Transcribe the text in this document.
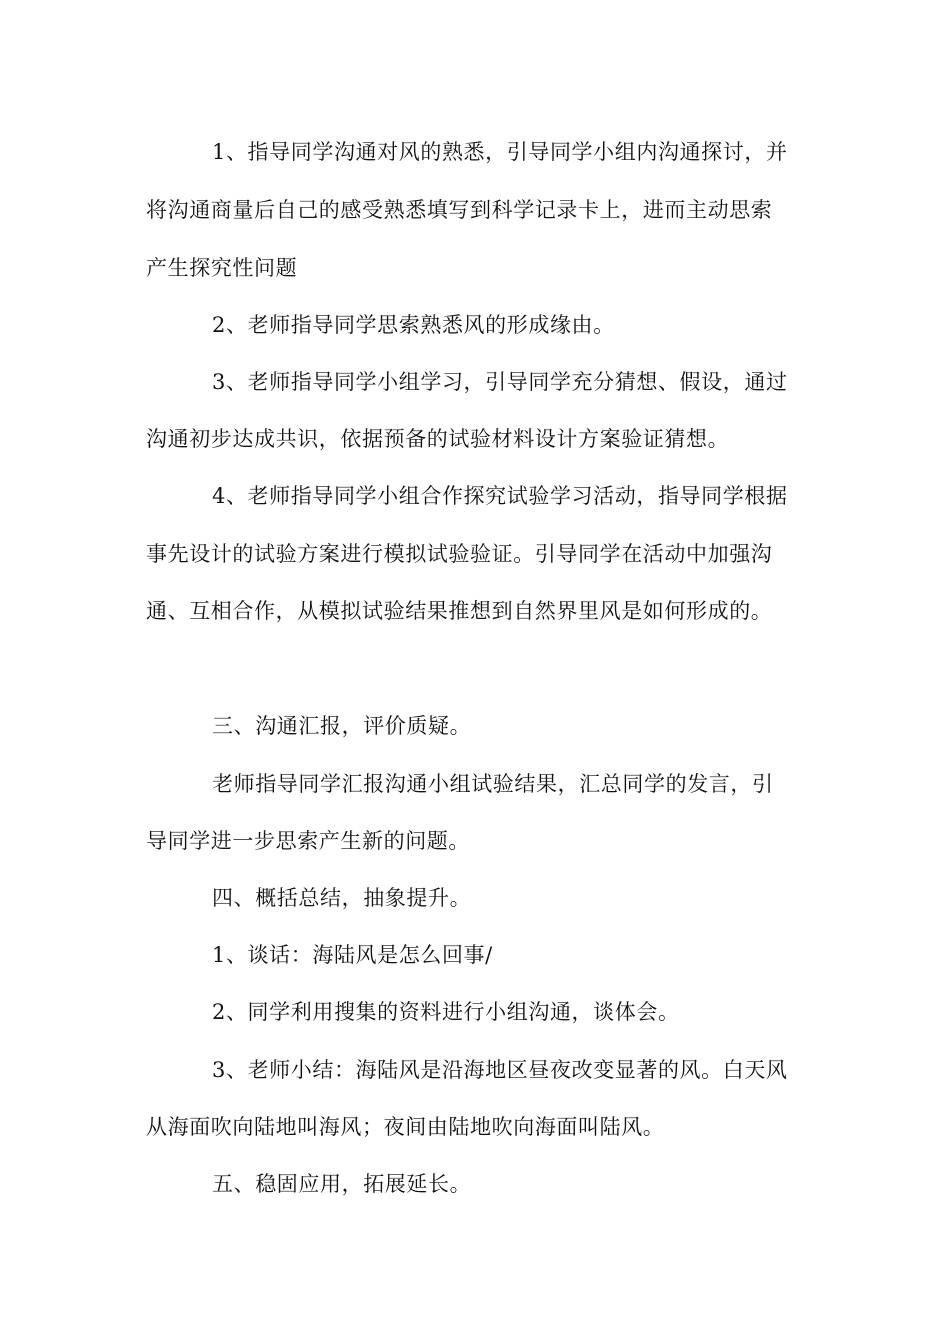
1、指导同学沟通对风的熟悉，引导同学小组内沟通探讨，并
将沟通商量后自己的感受熟悉填写到科学记录卡上，进而主动思索
产生探究性问题
2、老师指导同学思索熟悉风的形成缘由。
3、老师指导同学小组学习，引导同学充分猜想、假设，通过
沟通初步达成共识，依据预备的试验材料设计方案验证猜想。
4、老师指导同学小组合作探究试验学习活动，指导同学根据
事先设计的试验方案进行模拟试验验证。引导同学在活动中加强沟
通、互相合作，从模拟试验结果推想到自然界里风是如何形成的。
三、沟通汇报，评价质疑。
老师指导同学汇报沟通小组试验结果，汇总同学的发言，引
导同学进一步思索产生新的问题。
四、概括总结，抽象提升。
1、谈话：海陆风是怎么回事/
2、同学利用搜集的资料进行小组沟通，谈体会。
3、老师小结：海陆风是沿海地区昼夜改变显著的风。白天风
从海面吹向陆地叫海风；夜间由陆地吹向海面叫陆风。
五、稳固应用，拓展延长。
